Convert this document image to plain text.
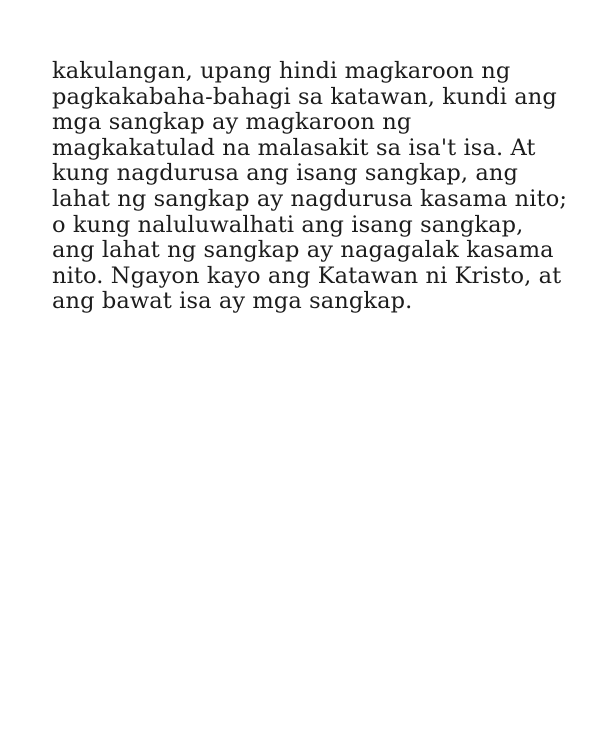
kakulangan, upang hindi magkaroon ng
pagkakabaha-bahagi sa katawan, kundi ang
mga sangkap ay magkaroon ng
magkakatulad na malasakit sa isa't isa. At
kung nagdurusa ang isang sangkap, ang
lahat ng sangkap ay nagdurusa kasama nito;
o kung naluluwalhati ang isang sangkap,
ang lahat ng sangkap ay nagagalak kasama
nito. Ngayon kayo ang Katawan ni Kristo, at
ang bawat isa ay mga sangkap.
